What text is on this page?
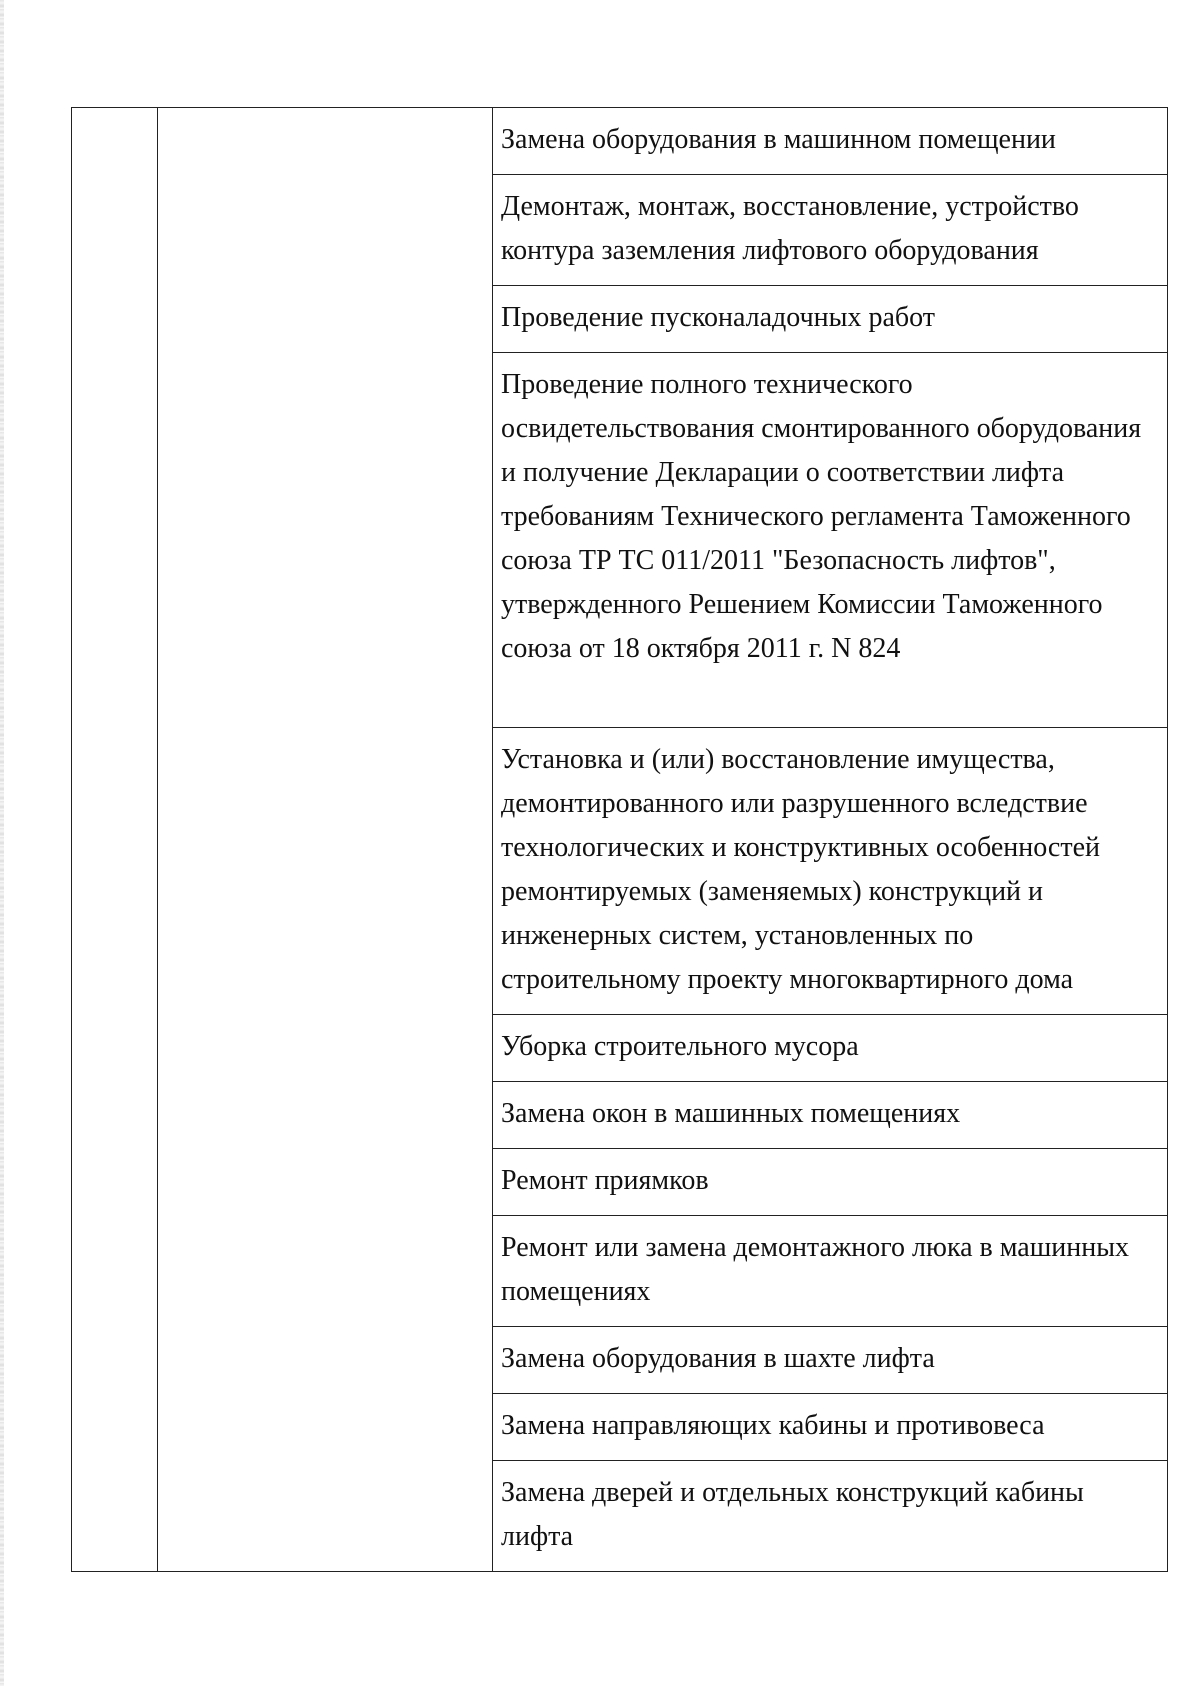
Замена оборудования в машинном помещении
Демонтаж, монтаж, восстановление, устройство контура заземления лифтового оборудования
Проведение пусконаладочных работ
Проведение полного технического освидетельствования смонтированного оборудования и получение Декларации о соответствии лифта требованиям Технического регламента Таможенного союза ТР ТС 011/2011 "Безопасность лифтов", утвержденного Решением Комиссии Таможенного союза от 18 октября 2011 г. N 824
Установка и (или) восстановление имущества, демонтированного или разрушенного вследствие технологических и конструктивных особенностей ремонтируемых (заменяемых) конструкций и инженерных систем, установленных по строительному проекту многоквартирного дома
Уборка строительного мусора
Замена окон в машинных помещениях
Ремонт приямков
Ремонт или замена демонтажного люка в машинных помещениях
Замена оборудования в шахте лифта
Замена направляющих кабины и противовеса
Замена дверей и отдельных конструкций кабины лифта
